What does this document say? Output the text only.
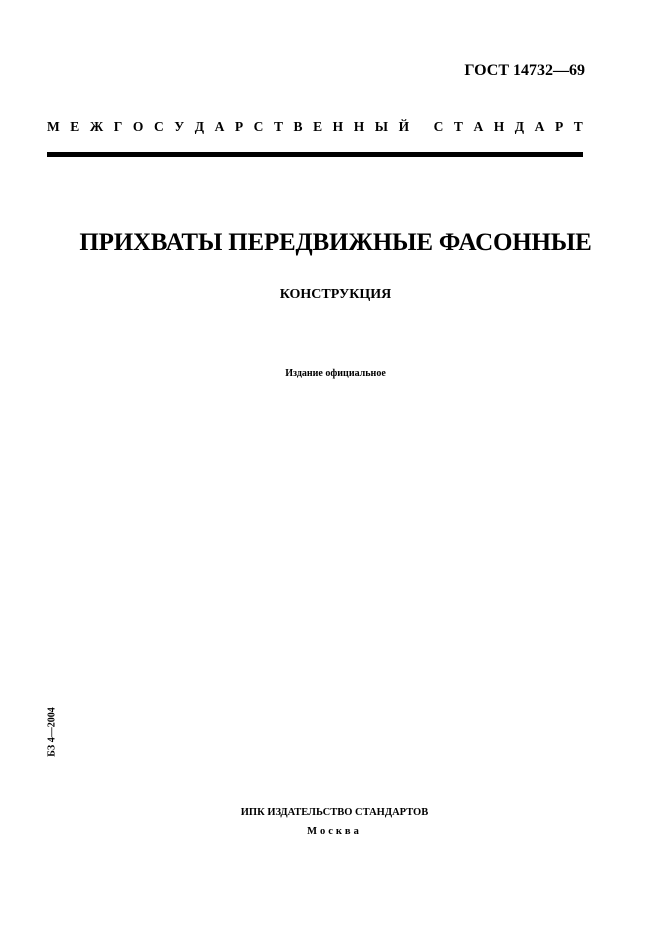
ГОСТ 14732—69
М Е Ж Г О С У Д А Р С Т В Е Н Н Ы Й
С Т А Н Д А Р Т
ПРИХВАТЫ ПЕРЕДВИЖНЫЕ ФАСОННЫЕ
КОНСТРУКЦИЯ
Издание официальное
БЗ 4—2004
ИПК ИЗДАТЕЛЬСТВО СТАНДАРТОВ
Москва
